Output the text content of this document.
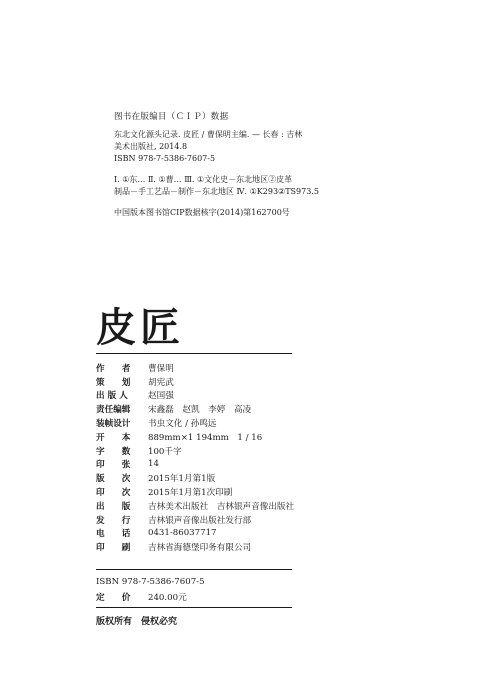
图书在版编目（ＣＩＰ）数据
东北文化源头记录. 皮匠 / 曹保明主编. — 长春 : 吉林
美术出版社, 2014.8
ISBN 978-7-5386-7607-5
Ⅰ. ①东… Ⅱ. ①曹… Ⅲ. ①文化史－东北地区②皮革
制品－手工艺品－制作－东北地区 Ⅳ. ①K293②TS973.5
中国版本图书馆CIP数据核字(2014)第162700号
皮匠
作　　者	曹保明
策　　划	胡宪武
出 版 人	赵国强
责任编辑	宋鑫磊　赵凯　李婷　高凌
装帧设计	书虫文化 / 孙鸣远
开　　本	889mm×1 194mm　1 / 16
字　　数	100千字
印　　张	14
版　　次	2015年1月第1版
印　　次	2015年1月第1次印刷
出　　版	吉林美术出版社　吉林银声音像出版社
发　　行	吉林银声音像出版社发行部
电　　话	0431-86037717
印　　刷	吉林省海德堡印务有限公司
ISBN 978-7-5386-7607-5
定　　价	240.00元
版权所有　侵权必究
